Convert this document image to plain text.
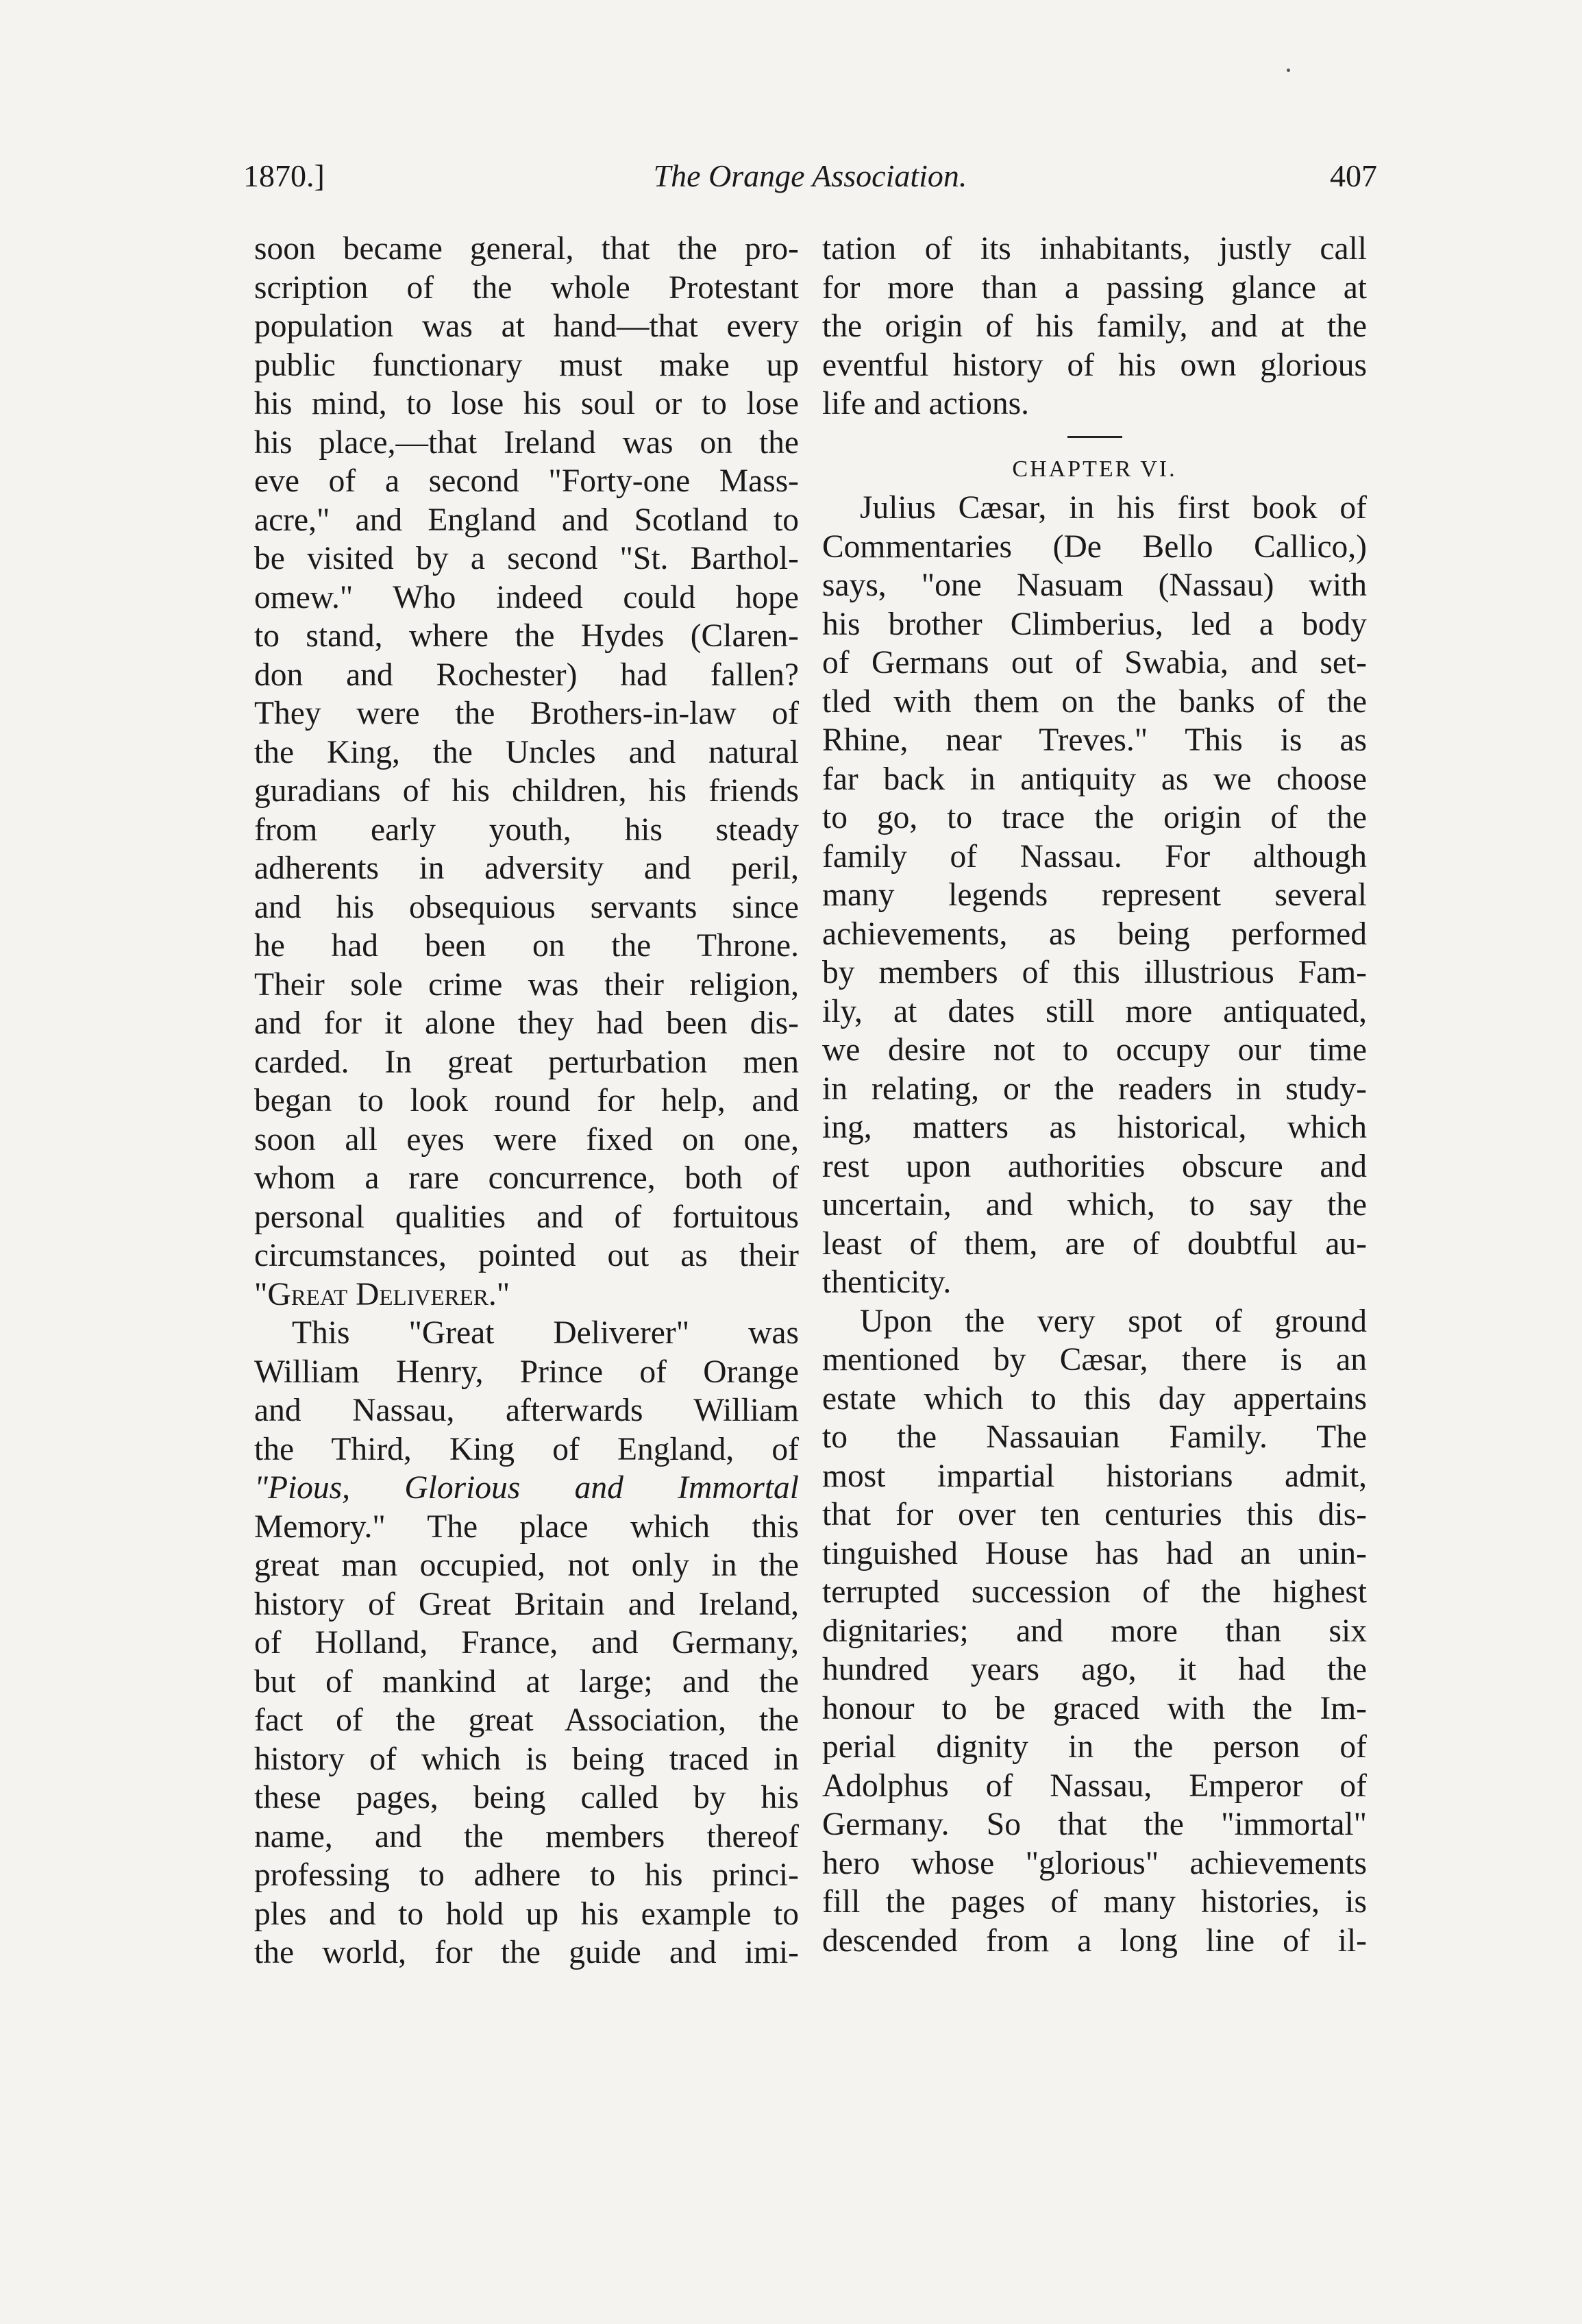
1870.]	The Orange Association.	407
soon became general, that the pro-
scription of the whole Protestant
population was at hand—that every
public functionary must make up
his mind, to lose his soul or to lose
his place,—that Ireland was on the
eve of a second "Forty-one Mass-
acre," and England and Scotland to
be visited by a second "St. Barthol-
omew." Who indeed could hope
to stand, where the Hydes (Claren-
don and Rochester) had fallen?
They were the Brothers-in-law of
the King, the Uncles and natural
guradians of his children, his friends
from early youth, his steady
adherents in adversity and peril,
and his obsequious servants since
he had been on the Throne.
Their sole crime was their religion,
and for it alone they had been dis-
carded. In great perturbation men
began to look round for help, and
soon all eyes were fixed on one,
whom a rare concurrence, both of
personal qualities and of fortuitous
circumstances, pointed out as their
"Great Deliverer."
This "Great Deliverer" was
William Henry, Prince of Orange
and Nassau, afterwards William
the Third, King of England, of
"Pious, Glorious and Immortal
Memory." The place which this
great man occupied, not only in the
history of Great Britain and Ireland,
of Holland, France, and Germany,
but of mankind at large; and the
fact of the great Association, the
history of which is being traced in
these pages, being called by his
name, and the members thereof
professing to adhere to his princi-
ples and to hold up his example to
the world, for the guide and imi-
tation of its inhabitants, justly call
for more than a passing glance at
the origin of his family, and at the
eventful history of his own glorious
life and actions.
CHAPTER VI.
Julius Cæsar, in his first book of
Commentaries (De Bello Callico,)
says, "one Nasuam (Nassau) with
his brother Climberius, led a body
of Germans out of Swabia, and set-
tled with them on the banks of the
Rhine, near Treves." This is as
far back in antiquity as we choose
to go, to trace the origin of the
family of Nassau. For although
many legends represent several
achievements, as being performed
by members of this illustrious Fam-
ily, at dates still more antiquated,
we desire not to occupy our time
in relating, or the readers in study-
ing, matters as historical, which
rest upon authorities obscure and
uncertain, and which, to say the
least of them, are of doubtful au-
thenticity.
Upon the very spot of ground
mentioned by Cæsar, there is an
estate which to this day appertains
to the Nassauian Family. The
most impartial historians admit,
that for over ten centuries this dis-
tinguished House has had an unin-
terrupted succession of the highest
dignitaries; and more than six
hundred years ago, it had the
honour to be graced with the Im-
perial dignity in the person of
Adolphus of Nassau, Emperor of
Germany. So that the "immortal"
hero whose "glorious" achievements
fill the pages of many histories, is
descended from a long line of il-
